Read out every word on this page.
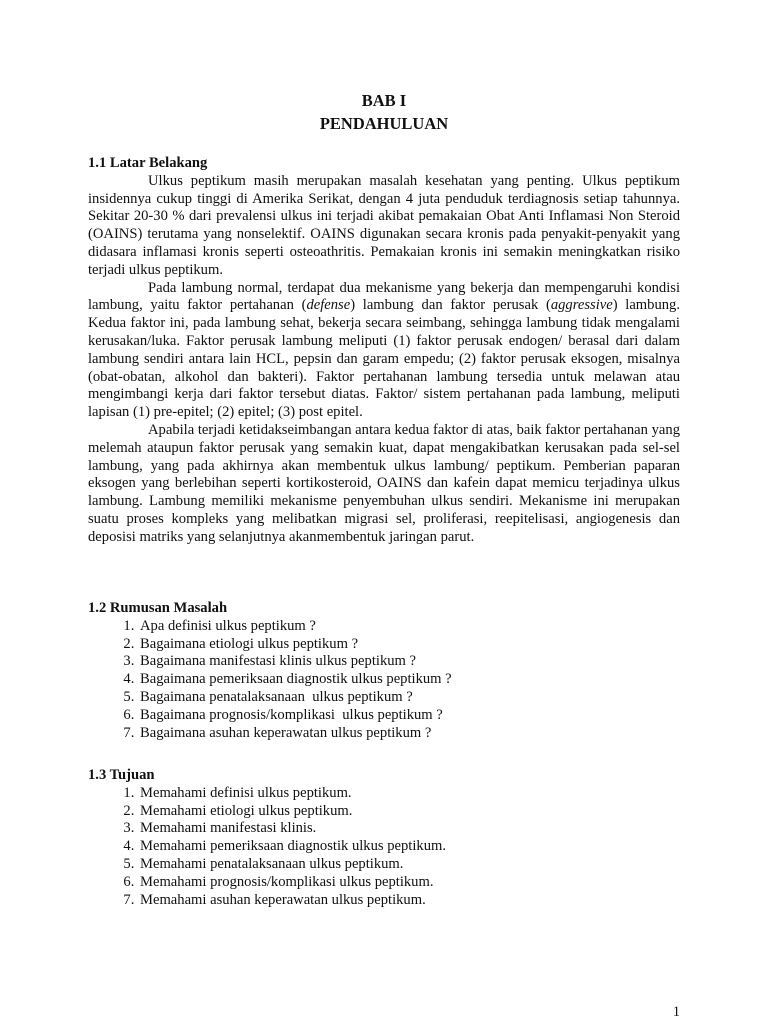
BAB I
PENDAHULUAN
1.1 Latar Belakang

Ulkus peptikum masih merupakan masalah kesehatan yang penting. Ulkus peptikum insidennya cukup tinggi di Amerika Serikat, dengan 4 juta penduduk terdiagnosis setiap tahunnya. Sekitar 20-30 % dari prevalensi ulkus ini terjadi akibat pemakaian Obat Anti Inflamasi Non Steroid (OAINS) terutama yang nonselektif. OAINS digunakan secara kronis pada penyakit-penyakit yang didasara inflamasi kronis seperti osteoathritis. Pemakaian kronis ini semakin meningkatkan risiko terjadi ulkus peptikum.

Pada lambung normal, terdapat dua mekanisme yang bekerja dan mempengaruhi kondisi lambung, yaitu faktor pertahanan (defense) lambung dan faktor perusak (aggressive) lambung. Kedua faktor ini, pada lambung sehat, bekerja secara seimbang, sehingga lambung tidak mengalami kerusakan/luka. Faktor perusak lambung meliputi (1) faktor perusak endogen/ berasal dari dalam lambung sendiri antara lain HCL, pepsin dan garam empedu; (2) faktor perusak eksogen, misalnya (obat-obatan, alkohol dan bakteri). Faktor pertahanan lambung tersedia untuk melawan atau mengimbangi kerja dari faktor tersebut diatas. Faktor/ sistem pertahanan pada lambung, meliputi lapisan (1) pre-epitel; (2) epitel; (3) post epitel.

Apabila terjadi ketidakseimbangan antara kedua faktor di atas, baik faktor pertahanan yang melemah ataupun faktor perusak yang semakin kuat, dapat mengakibatkan kerusakan pada sel-sel lambung, yang pada akhirnya akan membentuk ulkus lambung/ peptikum. Pemberian paparan eksogen yang berlebihan seperti kortikosteroid, OAINS dan kafein dapat memicu terjadinya ulkus lambung. Lambung memiliki mekanisme penyembuhan ulkus sendiri. Mekanisme ini merupakan suatu proses kompleks yang melibatkan migrasi sel, proliferasi, reepitelisasi, angiogenesis dan deposisi matriks yang selanjutnya akanmembentuk jaringan parut.

1.2 Rumusan Masalah
1. Apa definisi ulkus peptikum ?
2. Bagaimana etiologi ulkus peptikum ?
3. Bagaimana manifestasi klinis ulkus peptikum ?
4. Bagaimana pemeriksaan diagnostik ulkus peptikum ?
5. Bagaimana penatalaksanaan  ulkus peptikum ?
6. Bagaimana prognosis/komplikasi  ulkus peptikum ?
7. Bagaimana asuhan keperawatan ulkus peptikum ?
1.3 Tujuan
1. Memahami definisi ulkus peptikum.
2. Memahami etiologi ulkus peptikum.
3. Memahami manifestasi klinis.
4. Memahami pemeriksaan diagnostik ulkus peptikum.
5. Memahami penatalaksanaan ulkus peptikum.
6. Memahami prognosis/komplikasi ulkus peptikum.
7. Memahami asuhan keperawatan ulkus peptikum.
1
